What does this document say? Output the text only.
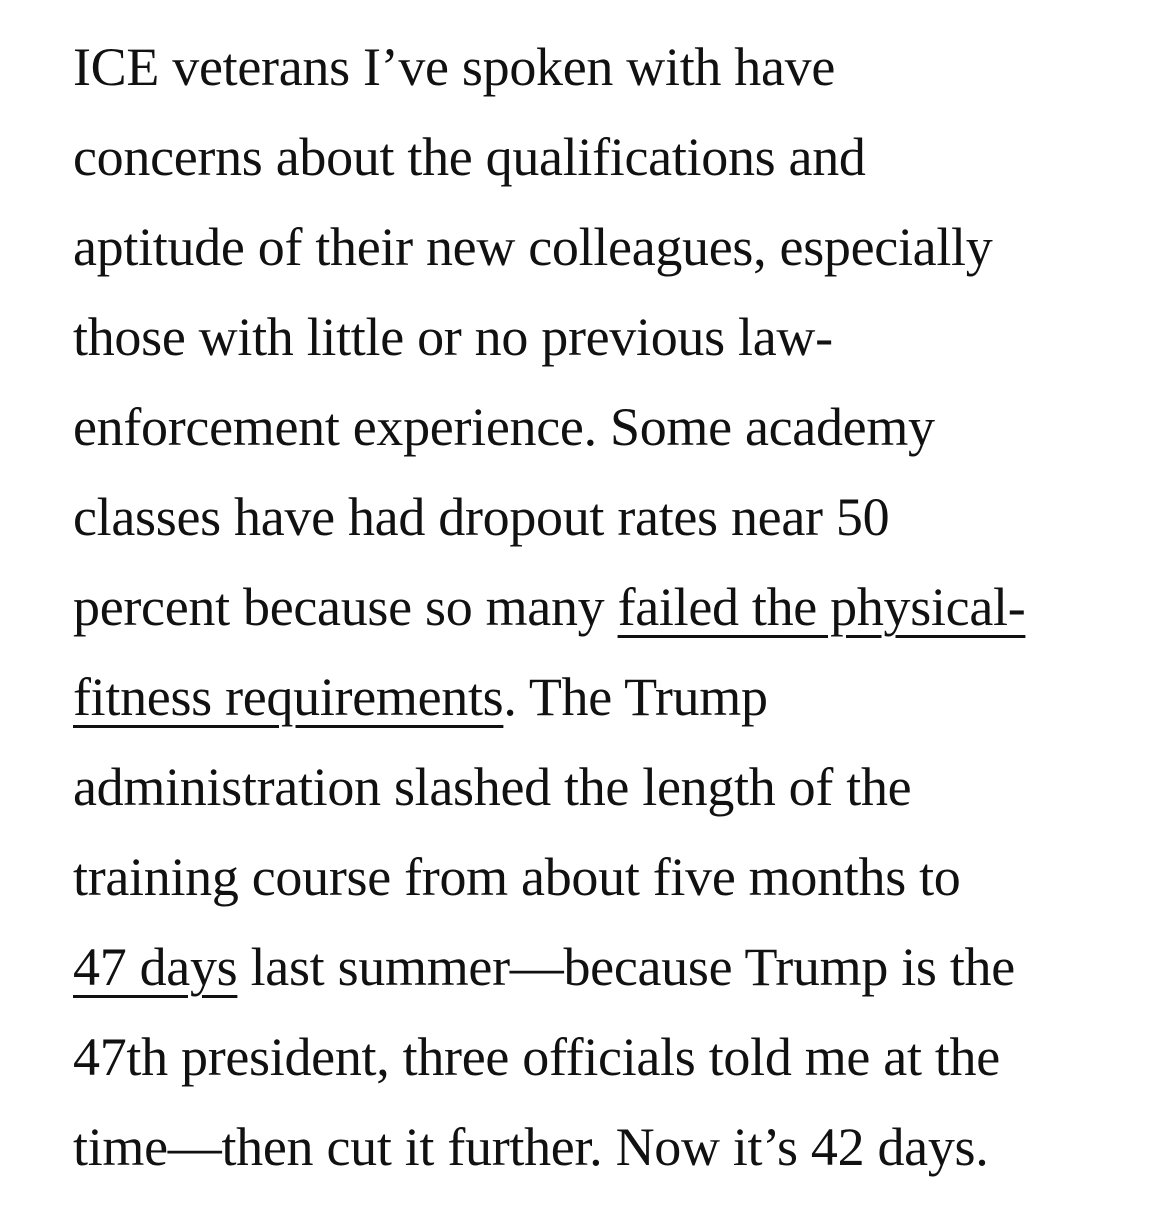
ICE veterans I’ve spoken with have
concerns about the qualifications and
aptitude of their new colleagues, especially
those with little or no previous law-
enforcement experience. Some academy
classes have had dropout rates near 50
percent because so many failed the physical-
fitness requirements. The Trump
administration slashed the length of the
training course from about five months to
47 days last summer—because Trump is the
47th president, three officials told me at the
time—then cut it further. Now it’s 42 days.
